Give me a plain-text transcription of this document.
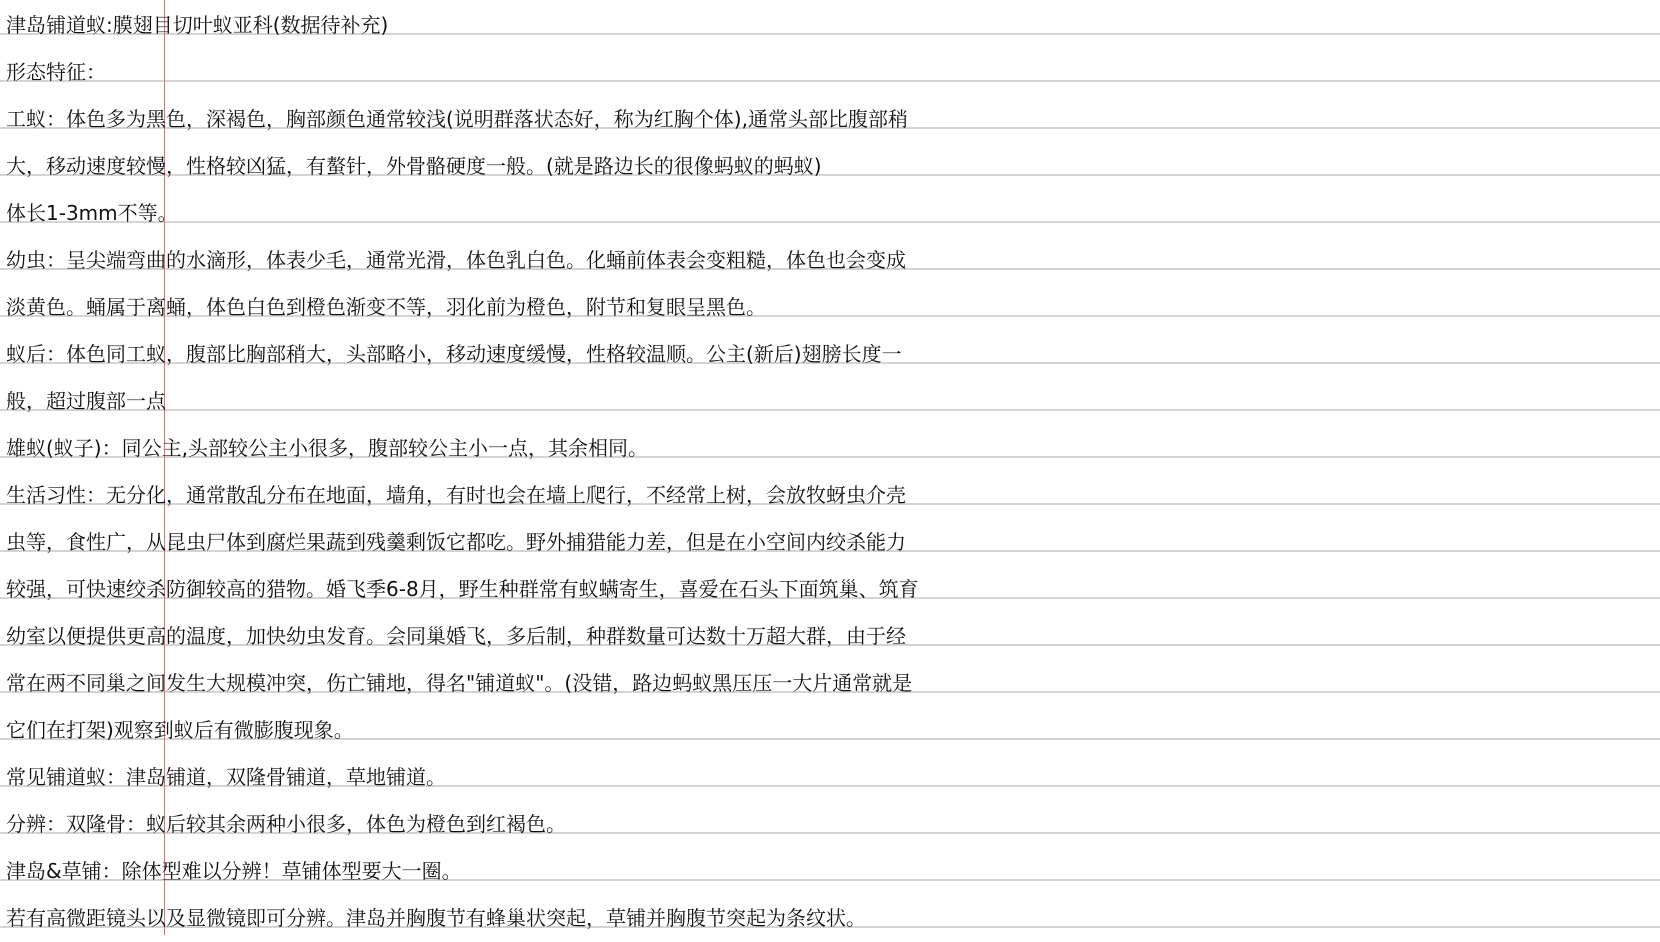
津岛铺道蚁:膜翅目切叶蚁亚科(数据待补充)
形态特征：
工蚁：体色多为黑色，深褐色，胸部颜色通常较浅(说明群落状态好，称为红胸个体),通常头部比腹部稍
大，移动速度较慢，性格较凶猛，有螯针，外骨骼硬度一般。(就是路边长的很像蚂蚁的蚂蚁)
体长1-3mm不等。
幼虫：呈尖端弯曲的水滴形，体表少毛，通常光滑，体色乳白色。化蛹前体表会变粗糙，体色也会变成
淡黄色。蛹属于离蛹，体色白色到橙色渐变不等，羽化前为橙色，附节和复眼呈黑色。
蚁后：体色同工蚁，腹部比胸部稍大，头部略小，移动速度缓慢，性格较温顺。公主(新后)翅膀长度一
般，超过腹部一点
雄蚁(蚁子)：同公主,头部较公主小很多，腹部较公主小一点，其余相同。
生活习性：无分化，通常散乱分布在地面，墙角，有时也会在墙上爬行，不经常上树，会放牧蚜虫介壳
虫等，食性广，从昆虫尸体到腐烂果蔬到残羹剩饭它都吃。野外捕猎能力差，但是在小空间内绞杀能力
较强，可快速绞杀防御较高的猎物。婚飞季6-8月，野生种群常有蚁螨寄生，喜爱在石头下面筑巢、筑育
幼室以便提供更高的温度，加快幼虫发育。会同巢婚飞，多后制，种群数量可达数十万超大群，由于经
常在两不同巢之间发生大规模冲突，伤亡铺地，得名"铺道蚁"。(没错，路边蚂蚁黑压压一大片通常就是
它们在打架)观察到蚁后有微膨腹现象。
常见铺道蚁：津岛铺道，双隆骨铺道，草地铺道。
分辨：双隆骨：蚁后较其余两种小很多，体色为橙色到红褐色。
津岛&草铺：除体型难以分辨！草铺体型要大一圈。
若有高微距镜头以及显微镜即可分辨。津岛并胸腹节有蜂巢状突起，草铺并胸腹节突起为条纹状。
